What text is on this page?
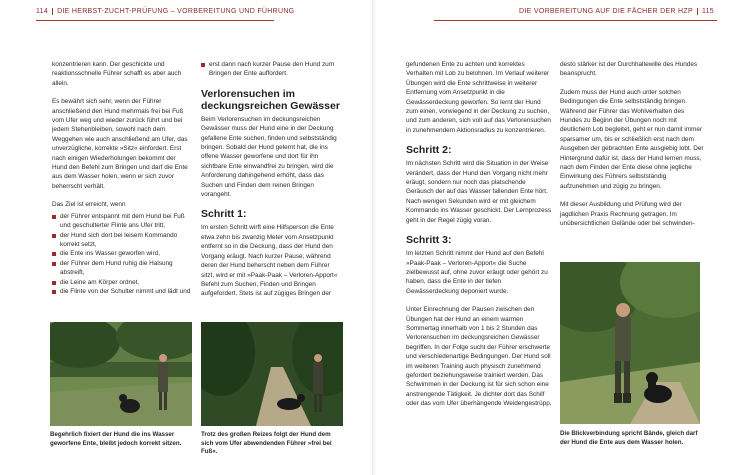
114 DIE HERBST-ZUCHT-PRÜFUNG – VORBEREITUNG UND FÜHRUNG

konzentrieren kann. Der geschickte und reaktionsschnelle Führer schafft es aber auch allein.

Es bewährt sich sehr, wenn der Führer anschließend den Hund mehrmals frei bei Fuß vom Ufer weg und wieder zurück führt und bei jedem Stehenbleiben, sowohl nach dem Weggehen wie auch anschließend am Ufer, das unverzügliche, korrekte »Sitz« einfordert. Erst nach einigen Wiederholungen bekommt der Hund den Befehl zum Bringen und darf die Ente aus dem Wasser holen, wenn er sich zuvor beherrscht verhält.

Das Ziel ist erreicht, wenn

der Führer entspannt mit dem Hund bei Fuß und geschulterter Flinte ans Ufer tritt,
der Hund sich dort bei leisem Kommando korrekt setzt,
die Ente ins Wasser geworfen wird,
der Führer dem Hund ruhig die Halsung abstreift,
die Leine am Körper ordnet,
die Flinte von der Schulter nimmt und lädt und
erst dann nach kurzer Pause den Hund zum Bringen der Ente auffordert.
Verlorensuchen im deckungsreichen Gewässer

Beim Verlorensuchen im deckungsreichen Gewässer muss der Hund eine in der Deckung gefallene Ente suchen, finden und selbstständig bringen. Sobald der Hund gelernt hat, die ins offene Wasser geworfene und dort für ihn sichtbare Ente einwandfrei zu bringen, wird die Anforderung dahingehend erhöht, dass das Suchen und Finden dem reinen Bringen vorangeht.

Schritt 1:

Im ersten Schritt wirft eine Hilfsperson die Ente etwa zehn bis zwanzig Meter vom Ansetzpunkt entfernt so in die Deckung, dass der Hund den Vorgang eräugt. Nach kurzer Pause, während deren der Hund beherscht neben dem Führer sitzt, wird er mit »Paak-Paak – Verloren-Apport« Befehl zum Suchen, Finden und Bringen aufgefordert. Stets ist auf zügiges Bringen der

Begehrlich fixiert der Hund die ins Wasser geworfene Ente, bleibt jedoch korrekt sitzen.
Trotz des großen Reizes folgt der Hund dem sich vom Ufer abwendenden Führer »frei bei Fuß«.
DIE VORBEREITUNG AUF DIE FÄCHER DER HZP 115

gefundenen Ente zu achten und korrektes Verhalten mit Lob zu belohnen. Im Verlauf weiterer Übungen wird die Ente schrittweise in weiterer Entfernung vom Ansetzpunkt in die Gewässerdeckung geworfen. So lernt der Hund zum einen, vorwiegend in der Deckung zu suchen, und zum anderen, sich voll auf das Verlorensuchen in zunehmendem Aktionsradius zu konzentrieren.

Schritt 2:

Im nächsten Schritt wird die Situation in der Weise verändert, dass der Hund den Vorgang nicht mehr eräugt, sondern nur noch das platschende Geräusch der auf das Wasser fallenden Ente hört. Nach wenigen Sekunden wird er mit gleichem Kommando ins Wasser geschickt. Der Lernprozess geht in der Regel zügig voran.

Schritt 3:

Im letzten Schritt nimmt der Hund auf den Befehl »Paak-Paak – Verloren-Apport« die Suche zielbewusst auf, ohne zuvor eräugt oder gehört zu haben, dass die Ente in der tiefen Gewässerdeckung deponiert wurde.

Unter Einrechnung der Pausen zwischen den Übungen hat der Hund an einem warmen Sommertag innerhalb von 1 bis 2 Stunden das Verlorensuchen im deckungsreichen Gewässer begriffen. In der Folge sucht der Führer erschwerte und verschiedenartige Bedingungen. Der Hund soll im weiteren Training auch physisch zunehmend gefordert beziehungsweise trainiert werden. Das Schwimmen in der Deckung ist für sich schon eine anstrengende Tätigkeit. Je dichter dort das Schilf oder das vom Ufer überhängende Weidengestrüpp,

desto stärker ist der Durchhaltewille des Hundes beansprucht.

Zudem muss der Hund auch unter solchen Bedingungen die Ente selbstständig bringen. Während der Führer das Wohlverhalten des Hundes zu Beginn der Übungen noch mit deutlichem Lob begleitet, geht er nun damit immer sparsamer um, bis er schließlich erst nach dem Ausgeben der gebrachten Ente ausgiebig lobt. Der Hintergrund dafür ist, dass der Hund lernen muss, nach dem Finden der Ente diese ohne jegliche Einwirkung des Führers selbstständig aufzunehmen und zügig zu bringen.

Mit dieser Ausbildung und Prüfung wird der jagdlichen Praxis Rechnung getragen. Im unübersichtlichen Gelände oder bei schwinden-

Die Blickverbindung spricht Bände, gleich darf der Hund die Ente aus dem Wasser holen.
